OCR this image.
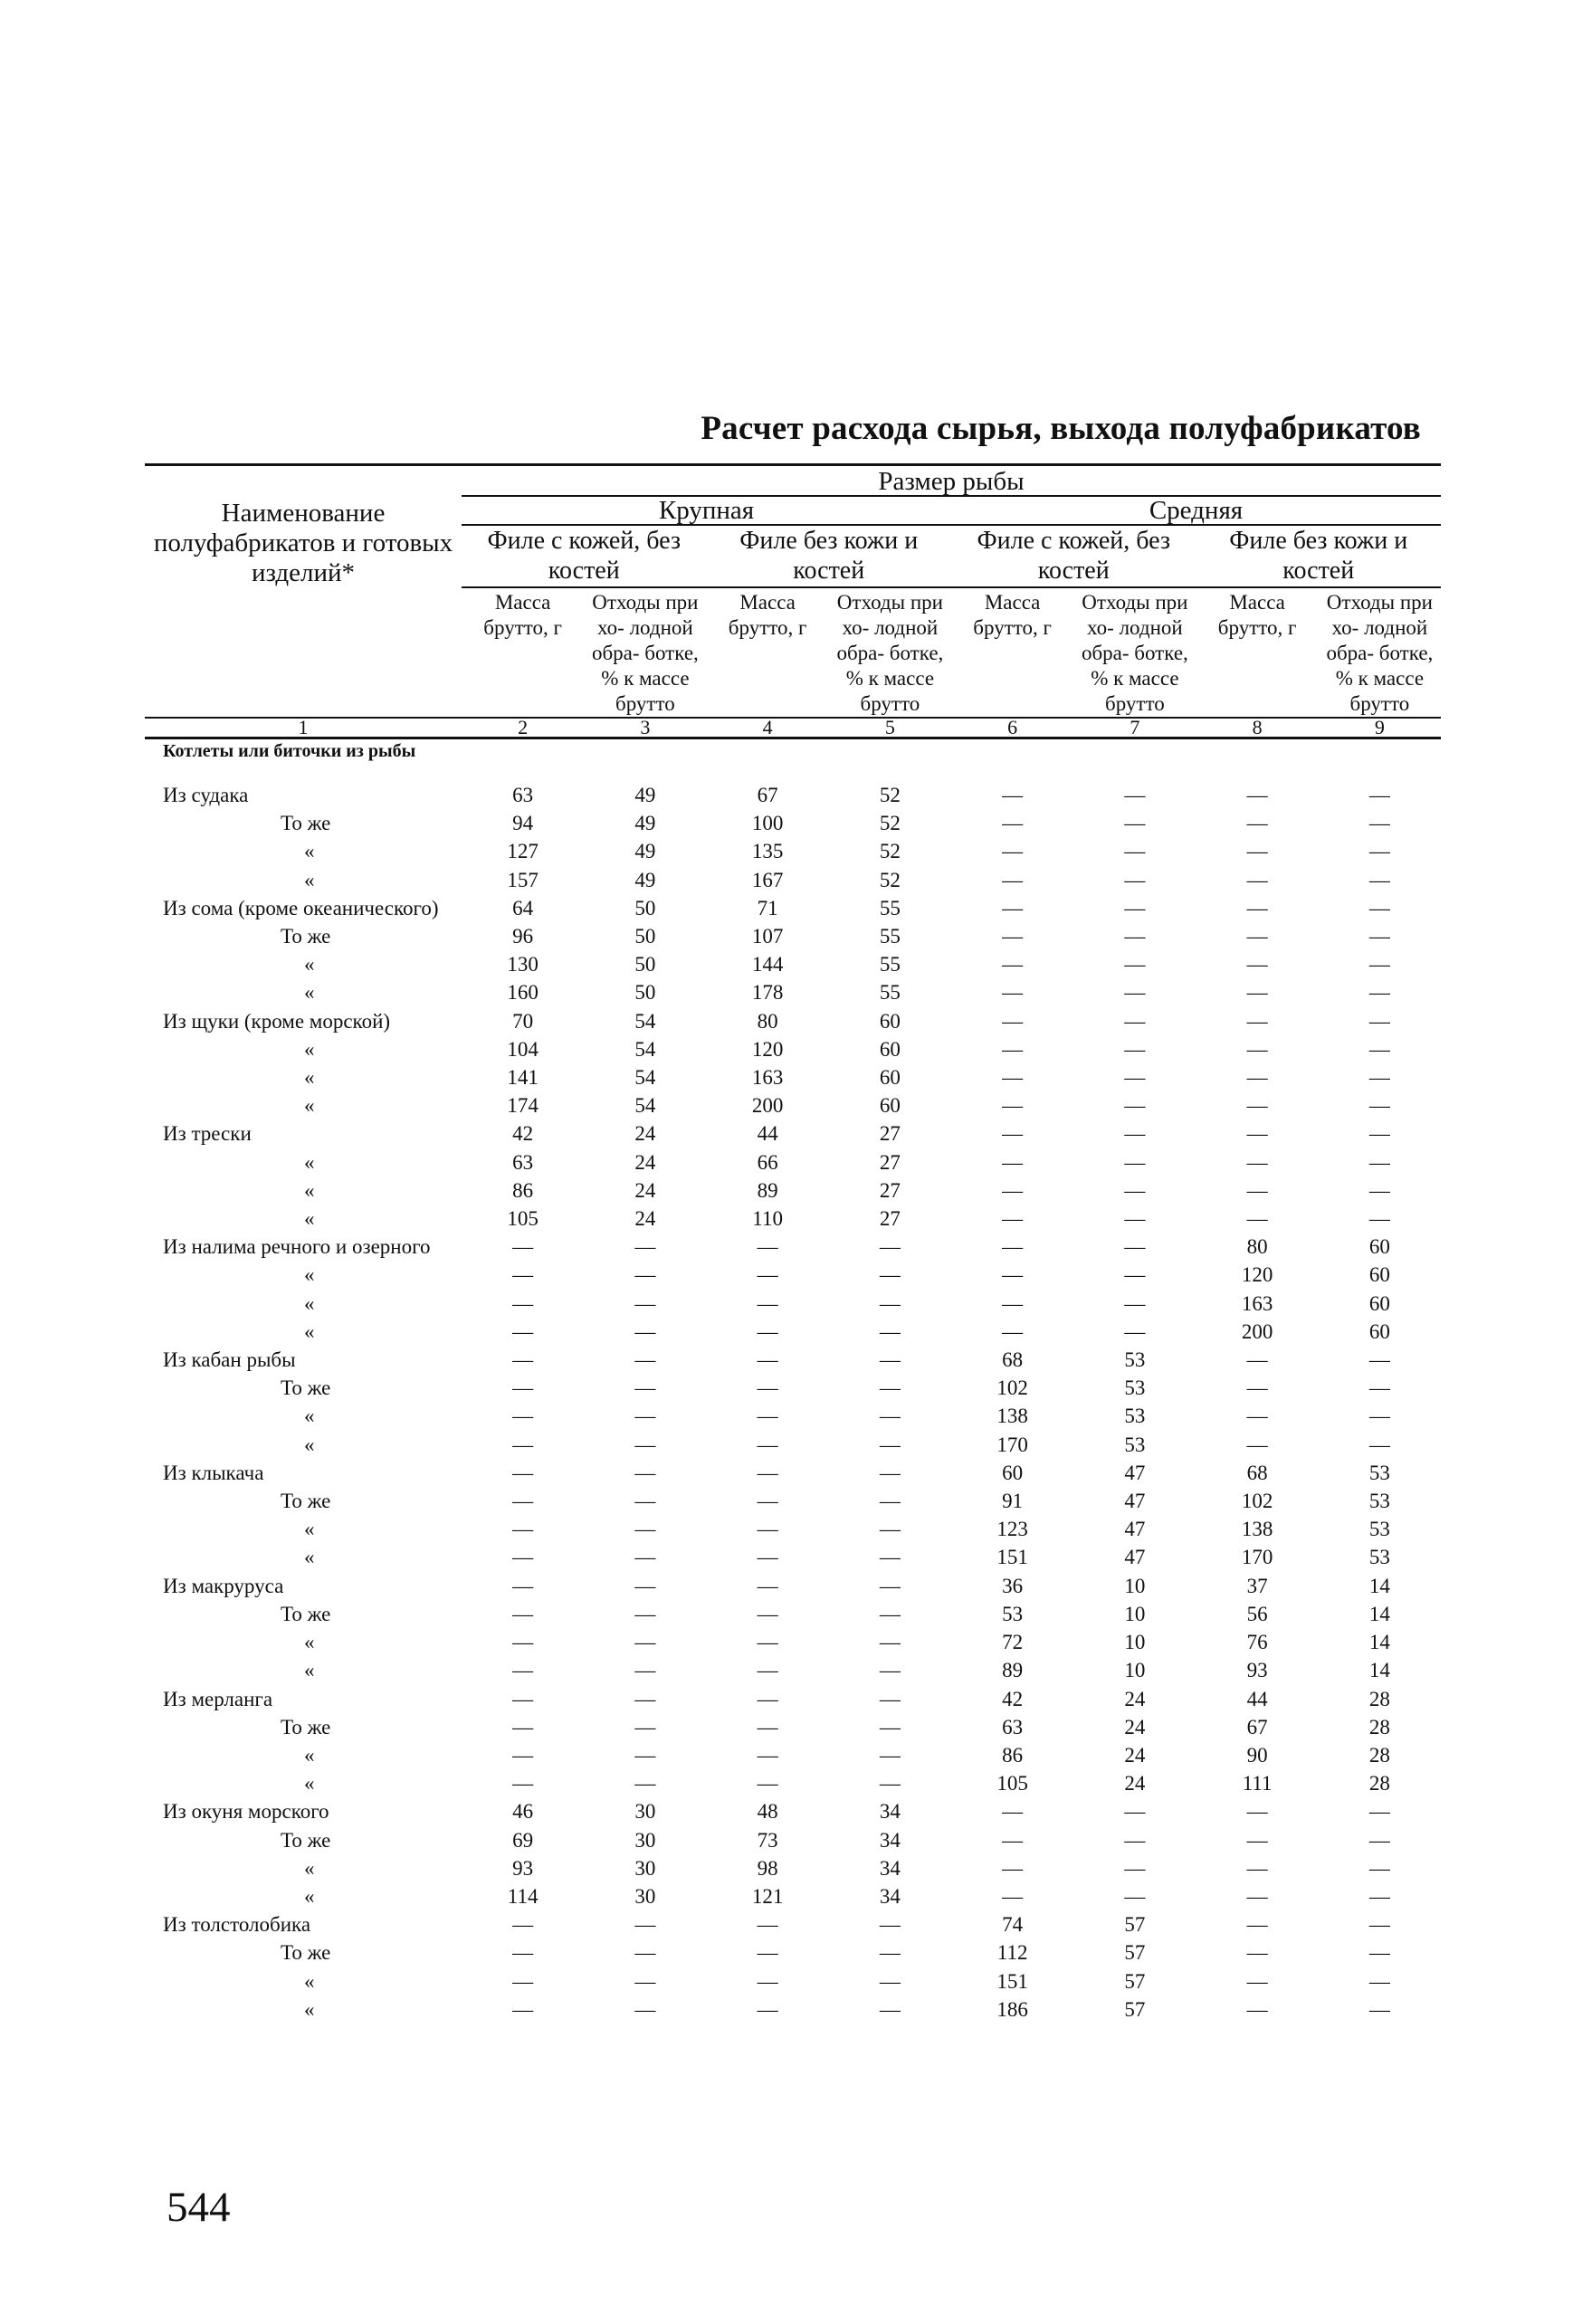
Расчет расхода сырья, выхода полуфабрикатов
Наименование полуфабрикатов и готовых изделий*	Размер рыбы							
	Крупная				Средняя			
	Филе с кожей, без костей		Филе без кожи и костей		Филе с кожей, без костей		Филе без кожи и костей	
	Масса брутто, г	Отходы при хо- лодной обра- ботке, % к массе брутто	Масса брутто, г	Отходы при хо- лодной обра- ботке, % к массе брутто	Масса брутто, г	Отходы при хо- лодной обра- ботке, % к массе брутто	Масса брутто, г	Отходы при хо- лодной обра- ботке, % к массе брутто
1	2	3	4	5	6	7	8	9
Котлеты или биточки из рыбы								
Из судака	63	49	67	52	—	—	—	—
То же	94	49	100	52	—	—	—	—
«	127	49	135	52	—	—	—	—
«	157	49	167	52	—	—	—	—
Из сома (кроме океанического)	64	50	71	55	—	—	—	—
То же	96	50	107	55	—	—	—	—
«	130	50	144	55	—	—	—	—
«	160	50	178	55	—	—	—	—
Из щуки (кроме морской)	70	54	80	60	—	—	—	—
«	104	54	120	60	—	—	—	—
«	141	54	163	60	—	—	—	—
«	174	54	200	60	—	—	—	—
Из трески	42	24	44	27	—	—	—	—
«	63	24	66	27	—	—	—	—
«	86	24	89	27	—	—	—	—
«	105	24	110	27	—	—	—	—
Из налима речного и озерного	—	—	—	—	—	—	80	60
«	—	—	—	—	—	—	120	60
«	—	—	—	—	—	—	163	60
«	—	—	—	—	—	—	200	60
Из кабан рыбы	—	—	—	—	68	53	—	—
То же	—	—	—	—	102	53	—	—
«	—	—	—	—	138	53	—	—
«	—	—	—	—	170	53	—	—
Из клыкача	—	—	—	—	60	47	68	53
То же	—	—	—	—	91	47	102	53
«	—	—	—	—	123	47	138	53
«	—	—	—	—	151	47	170	53
Из макруруса	—	—	—	—	36	10	37	14
То же	—	—	—	—	53	10	56	14
«	—	—	—	—	72	10	76	14
«	—	—	—	—	89	10	93	14
Из мерланга	—	—	—	—	42	24	44	28
То же	—	—	—	—	63	24	67	28
«	—	—	—	—	86	24	90	28
«	—	—	—	—	105	24	111	28
Из окуня морского	46	30	48	34	—	—	—	—
То же	69	30	73	34	—	—	—	—
«	93	30	98	34	—	—	—	—
«	114	30	121	34	—	—	—	—
Из толстолобика	—	—	—	—	74	57	—	—
То же	—	—	—	—	112	57	—	—
«	—	—	—	—	151	57	—	—
«	—	—	—	—	186	57	—	—
544
